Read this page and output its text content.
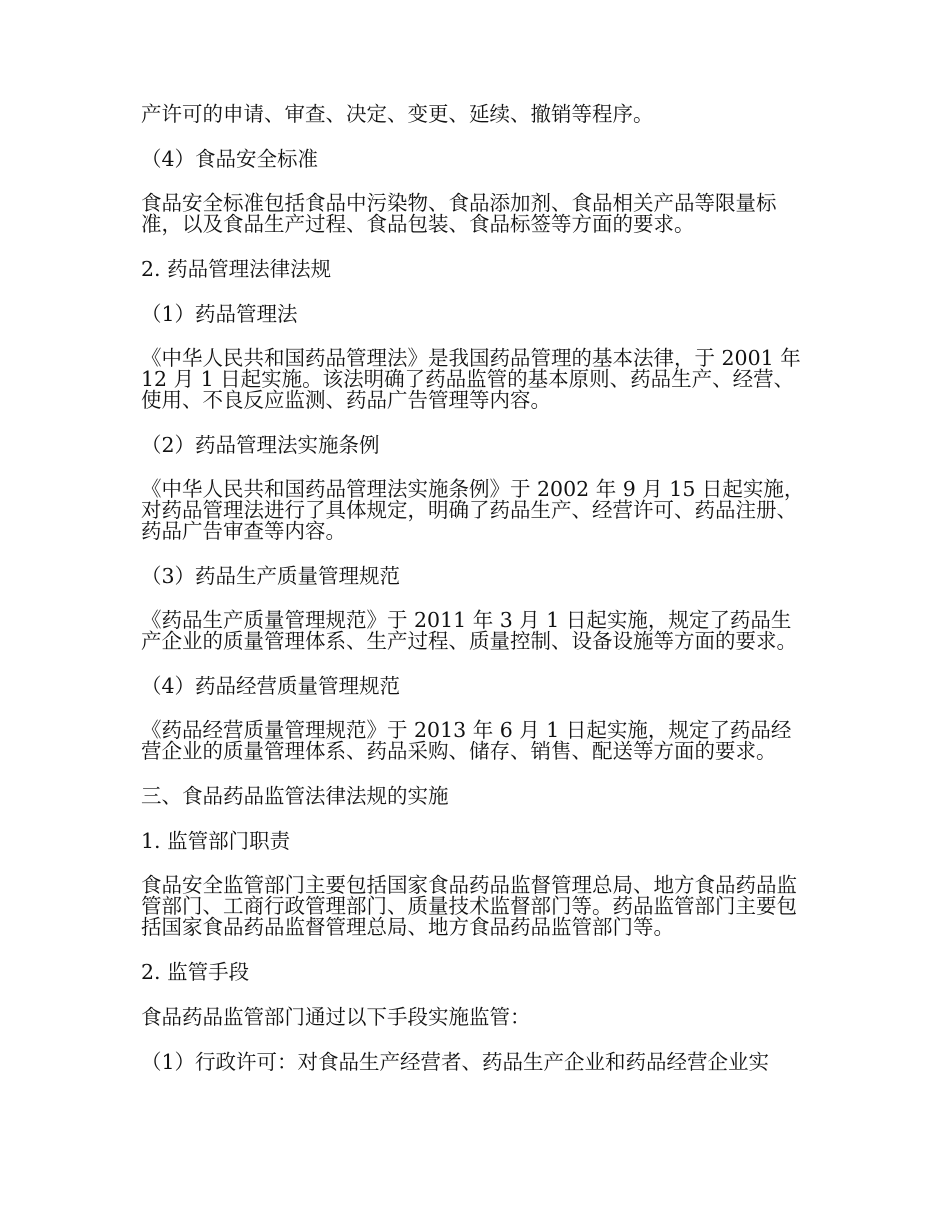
产许可的申请、审查、决定、变更、延续、撤销等程序。

（4）食品安全标准

食品安全标准包括食品中污染物、食品添加剂、食品相关产品等限量标准，以及食品生产过程、食品包装、食品标签等方面的要求。

2. 药品管理法律法规

（1）药品管理法

《中华人民共和国药品管理法》是我国药品管理的基本法律，于 2001 年 12 月 1 日起实施。该法明确了药品监管的基本原则、药品生产、经营、使用、不良反应监测、药品广告管理等内容。

（2）药品管理法实施条例

《中华人民共和国药品管理法实施条例》于 2002 年 9 月 15 日起实施，对药品管理法进行了具体规定，明确了药品生产、经营许可、药品注册、药品广告审查等内容。

（3）药品生产质量管理规范

《药品生产质量管理规范》于 2011 年 3 月 1 日起实施，规定了药品生产企业的质量管理体系、生产过程、质量控制、设备设施等方面的要求。

（4）药品经营质量管理规范

《药品经营质量管理规范》于 2013 年 6 月 1 日起实施，规定了药品经营企业的质量管理体系、药品采购、储存、销售、配送等方面的要求。

三、食品药品监管法律法规的实施

1. 监管部门职责

食品安全监管部门主要包括国家食品药品监督管理总局、地方食品药品监管部门、工商行政管理部门、质量技术监督部门等。药品监管部门主要包括国家食品药品监督管理总局、地方食品药品监管部门等。

2. 监管手段

食品药品监管部门通过以下手段实施监管：

（1）行政许可：对食品生产经营者、药品生产企业和药品经营企业实
